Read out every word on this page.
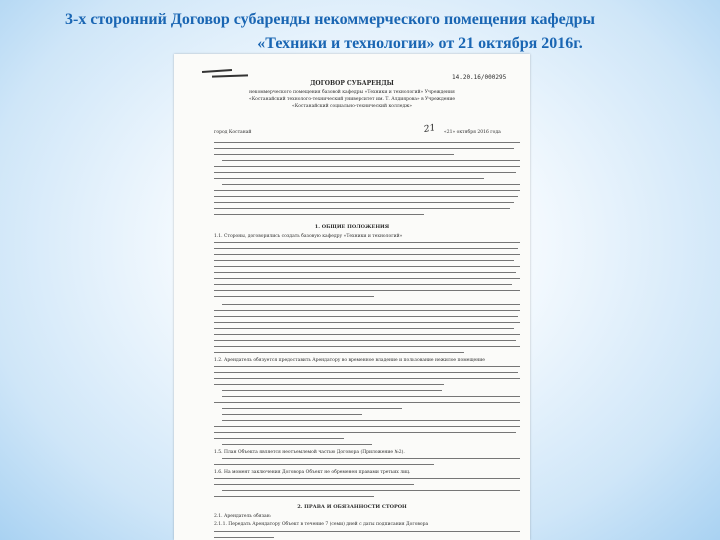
3-х сторонний Договор субаренды некоммерческого помещения кафедры
«Техники и технологии» от 21 октября 2016г.
14.20.16/000295
ДОГОВОР СУБАРЕНДЫ
некоммерческого помещения базовой кафедры «Техники и технологий» Учреждения
«Костанайский технолого-технический университет им. Т. Алдиярова» в Учреждение
«Костанайский социально-технический колледж»
21
город Костанай	«21» октября 2016 года
1. ОБЩИЕ ПОЛОЖЕНИЯ
1.1. Стороны, договорились создать базовую кафедру «Техники и технологий»
1.2. Арендатель обязуется предоставить Арендатору во временное владение и пользование нежилое помещение
1.5. План Объекта является неотъемлемой частью Договора (Приложение №2).
1.6. На момент заключения Договора Объект не обременен правами третьих лиц.
2. ПРАВА И ОБЯЗАННОСТИ СТОРОН
2.1. Арендатель обязан:
2.1.1. Передать Арендатору Объект в течение 7 (семи) дней с даты подписания Договора
